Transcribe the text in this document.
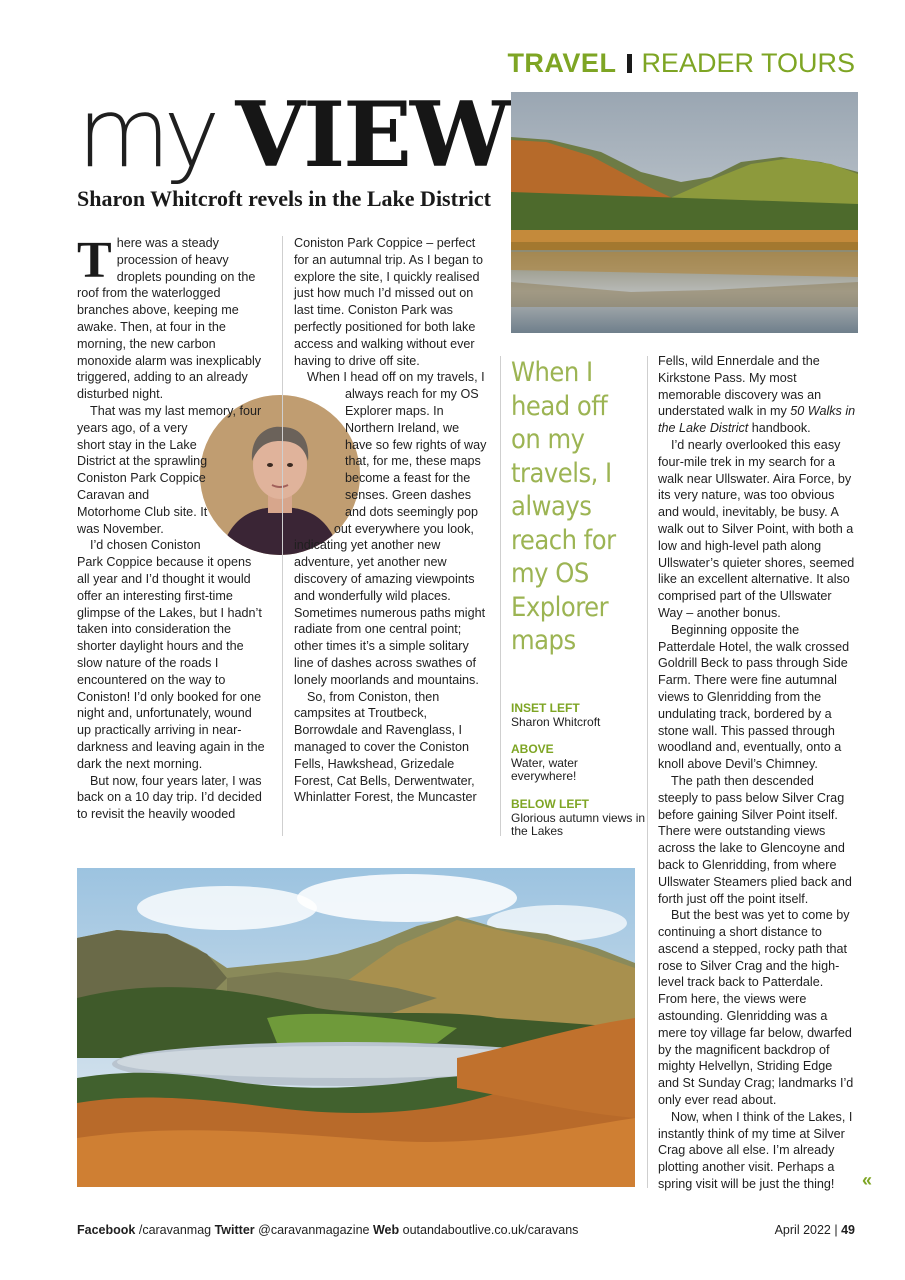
TRAVEL READER TOURS
my VIEW
Sharon Whitcroft revels in the Lake District

There was a steady procession of heavy droplets pounding on the roof from the waterlogged branches above, keeping me awake. Then, at four in the morning, the new carbon monoxide alarm was inexplicably triggered, adding to an already disturbed night.

That was my last memory, four years ago, of a very short stay in the Lake District at the sprawling Coniston Park Coppice Caravan and Motorhome Club site. It was November.

I’d chosen Coniston Park Coppice because it opens all year and I’d thought it would offer an interesting first-time glimpse of the Lakes, but I hadn’t taken into consideration the shorter daylight hours and the slow nature of the roads I encountered on the way to Coniston! I’d only booked for one night and, unfortunately, wound up practically arriving in near-darkness and leaving again in the dark the next morning.

But now, four years later, I was back on a 10 day trip. I’d decided to revisit the heavily wooded

Coniston Park Coppice – perfect for an autumnal trip. As I began to explore the site, I quickly realised just how much I’d missed out on last time. Coniston Park was perfectly positioned for both lake access and walking without ever having to drive off site.

When I head off on my travels, I always reach for my OS Explorer maps. In Northern Ireland, we have so few rights of way that, for me, these maps become a feast for the senses. Green dashes and dots seemingly pop out everywhere you look, indicating yet another new adventure, yet another new discovery of amazing viewpoints and wonderfully wild places. Sometimes numerous paths might radiate from one central point; other times it’s a simple solitary line of dashes across swathes of lonely moorlands and mountains.

So, from Coniston, then campsites at Troutbeck, Borrowdale and Ravenglass, I managed to cover the Coniston Fells, Hawkshead, Grizedale Forest, Cat Bells, Derwentwater, Whinlatter Forest, the Muncaster

When I head off on my travels, I always reach for my OS Explorer maps
INSET LEFT
Sharon Whitcroft
ABOVE
Water, water everywhere!
BELOW LEFT
Glorious autumn views in the Lakes

Fells, wild Ennerdale and the Kirkstone Pass. My most memorable discovery was an understated walk in my 50 Walks in the Lake District handbook.

I’d nearly overlooked this easy four-mile trek in my search for a walk near Ullswater. Aira Force, by its very nature, was too obvious and would, inevitably, be busy. A walk out to Silver Point, with both a low and high-level path along Ullswater’s quieter shores, seemed like an excellent alternative. It also comprised part of the Ullswater Way – another bonus.

Beginning opposite the Patterdale Hotel, the walk crossed Goldrill Beck to pass through Side Farm. There were fine autumnal views to Glenridding from the undulating track, bordered by a stone wall. This passed through woodland and, eventually, onto a knoll above Devil’s Chimney.

The path then descended steeply to pass below Silver Crag before gaining Silver Point itself. There were outstanding views across the lake to Glencoyne and back to Glenridding, from where Ullswater Steamers plied back and forth just off the point itself.

But the best was yet to come by continuing a short distance to ascend a stepped, rocky path that rose to Silver Crag and the high-level track back to Patterdale. From here, the views were astounding. Glenridding was a mere toy village far below, dwarfed by the magnificent backdrop of mighty Helvellyn, Striding Edge and St Sunday Crag; landmarks I’d only ever read about.

Now, when I think of the Lakes, I instantly think of my time at Silver Crag above all else. I’m already plotting another visit. Perhaps a spring visit will be just the thing!	«
Facebook /caravanmag Twitter @caravanmagazine Web outandaboutlive.co.uk/caravans	April 2022 | 49
